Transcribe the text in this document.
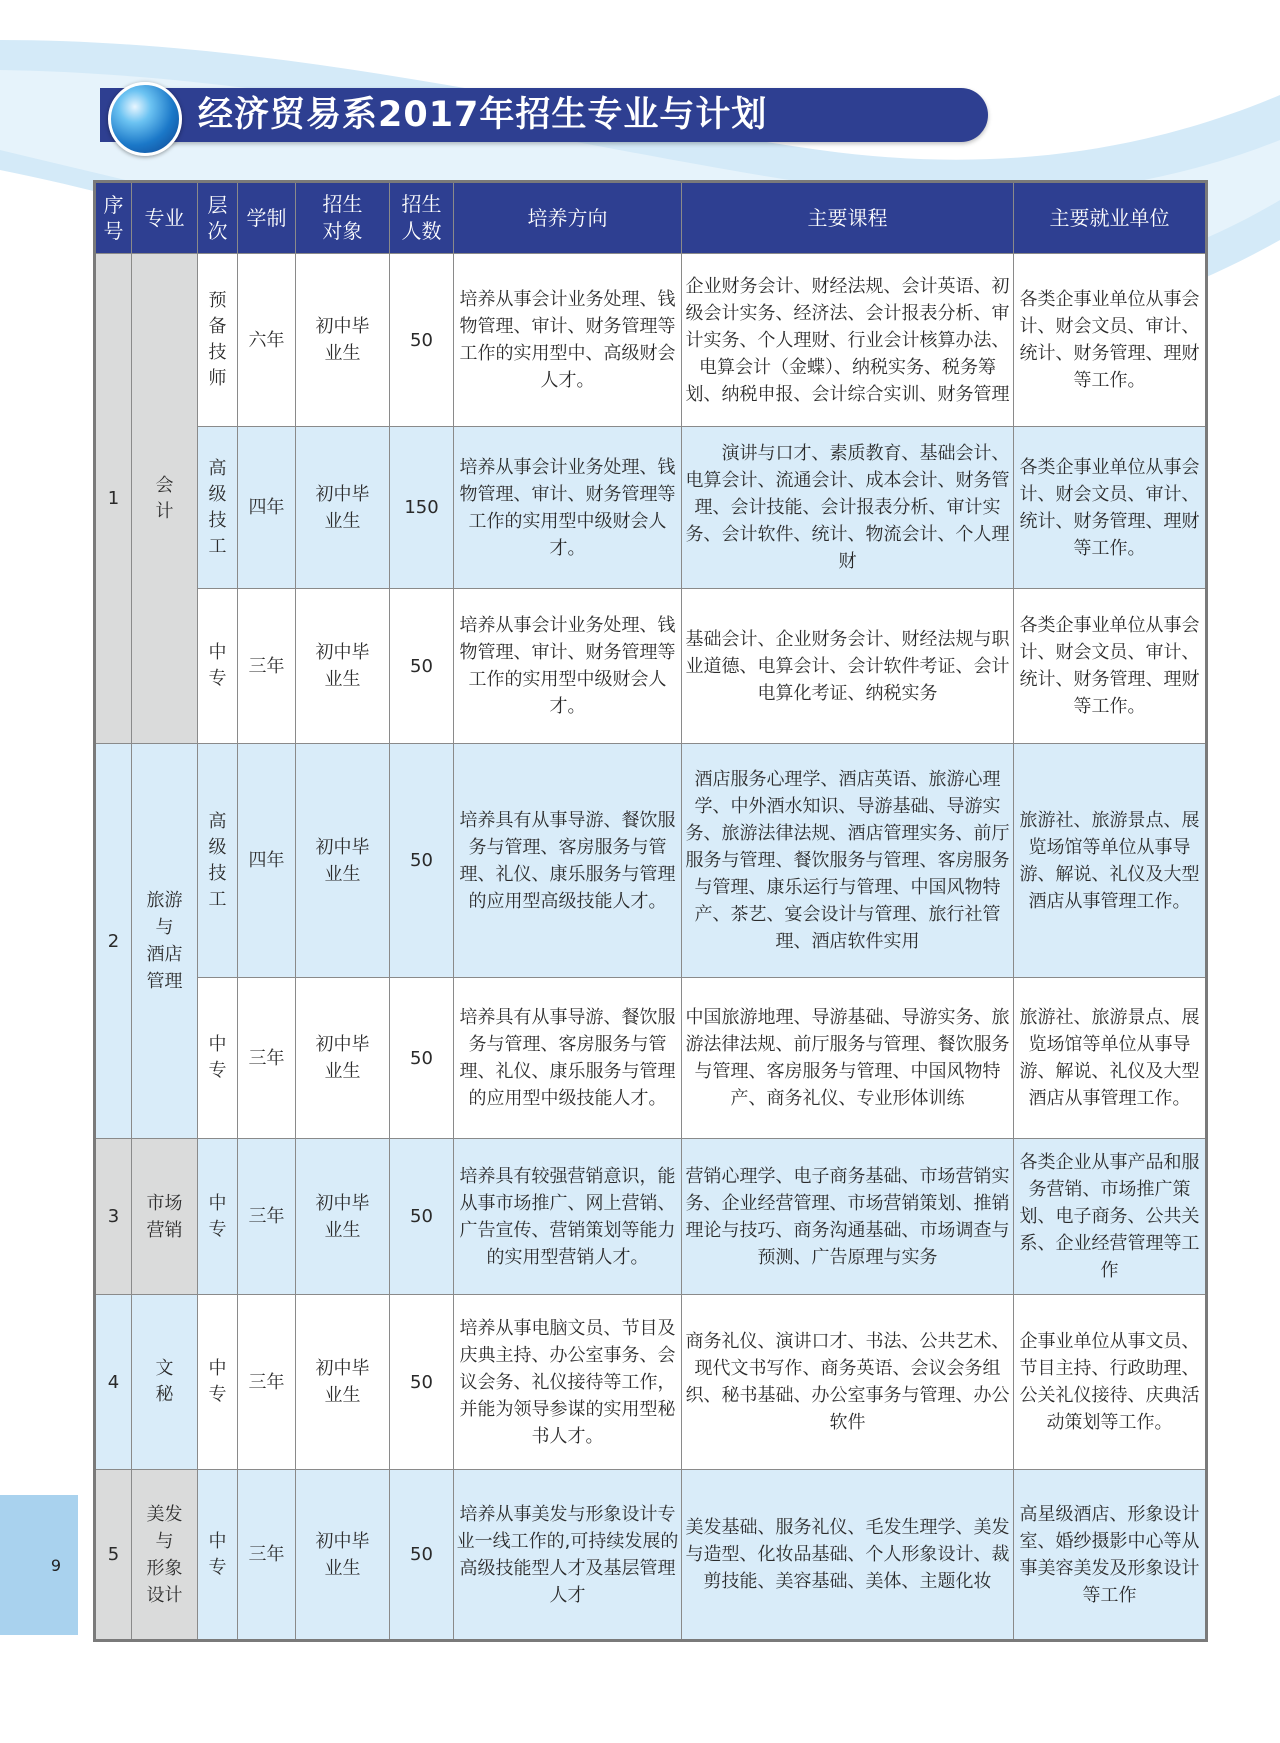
9
经济贸易系2017年招生专业与计划
序号	专业	层次	学制	招生对象	招生人数	培养方向	主要课程	主要就业单位
1	会计	预备技师	六年	初中毕业生	50	培养从事会计业务处理、钱物管理、审计、财务管理等工作的实用型中、高级财会人才。	企业财务会计、财经法规、会计英语、初级会计实务、经济法、会计报表分析、审计实务、个人理财、行业会计核算办法、电算会计（金蝶）、纳税实务、税务筹划、纳税申报、会计综合实训、财务管理	各类企事业单位从事会计、财会文员、审计、统计、财务管理、理财等工作。
		高级技工	四年	初中毕业生	150	培养从事会计业务处理、钱物管理、审计、财务管理等工作的实用型中级财会人才。	　　演讲与口才、素质教育、基础会计、电算会计、流通会计、成本会计、财务管理、会计技能、会计报表分析、审计实务、会计软件、统计、物流会计、个人理财	各类企事业单位从事会计、财会文员、审计、统计、财务管理、理财等工作。
		中专	三年	初中毕业生	50	培养从事会计业务处理、钱物管理、审计、财务管理等工作的实用型中级财会人才。	基础会计、企业财务会计、财经法规与职业道德、电算会计、会计软件考证、会计电算化考证、纳税实务	各类企事业单位从事会计、财会文员、审计、统计、财务管理、理财等工作。
2	旅游
与
酒店
管理	高级技工	四年	初中毕业生	50	培养具有从事导游、餐饮服务与管理、客房服务与管理、礼仪、康乐服务与管理的应用型高级技能人才。	酒店服务心理学、酒店英语、旅游心理学、中外酒水知识、导游基础、导游实务、旅游法律法规、酒店管理实务、前厅服务与管理、餐饮服务与管理、客房服务与管理、康乐运行与管理、中国风物特产、茶艺、宴会设计与管理、旅行社管理、酒店软件实用	旅游社、旅游景点、展览场馆等单位从事导游、解说、礼仪及大型酒店从事管理工作。
		中专	三年	初中毕业生	50	培养具有从事导游、餐饮服务与管理、客房服务与管理、礼仪、康乐服务与管理的应用型中级技能人才。	中国旅游地理、导游基础、导游实务、旅游法律法规、前厅服务与管理、餐饮服务与管理、客房服务与管理、中国风物特产、商务礼仪、专业形体训练	旅游社、旅游景点、展览场馆等单位从事导游、解说、礼仪及大型酒店从事管理工作。
3	市场
营销	中专	三年	初中毕业生	50	培养具有较强营销意识，能从事市场推广、网上营销、广告宣传、营销策划等能力的实用型营销人才。	营销心理学、电子商务基础、市场营销实务、企业经营管理、市场营销策划、推销理论与技巧、商务沟通基础、市场调查与预测、广告原理与实务	各类企业从事产品和服务营销、市场推广策划、电子商务、公共关系、企业经营管理等工作
4	文秘	中专	三年	初中毕业生	50	培养从事电脑文员、节目及庆典主持、办公室事务、会议会务、礼仪接待等工作，并能为领导参谋的实用型秘书人才。	商务礼仪、演讲口才、书法、公共艺术、现代文书写作、商务英语、会议会务组织、秘书基础、办公室事务与管理、办公软件	企事业单位从事文员、节目主持、行政助理、公关礼仪接待、庆典活动策划等工作。
5	美发
与
形象
设计	中专	三年	初中毕业生	50	培养从事美发与形象设计专业一线工作的,可持续发展的高级技能型人才及基层管理人才	美发基础、服务礼仪、毛发生理学、美发与造型、化妆品基础、个人形象设计、裁剪技能、美容基础、美体、主题化妆	高星级酒店、形象设计室、婚纱摄影中心等从事美容美发及形象设计等工作
